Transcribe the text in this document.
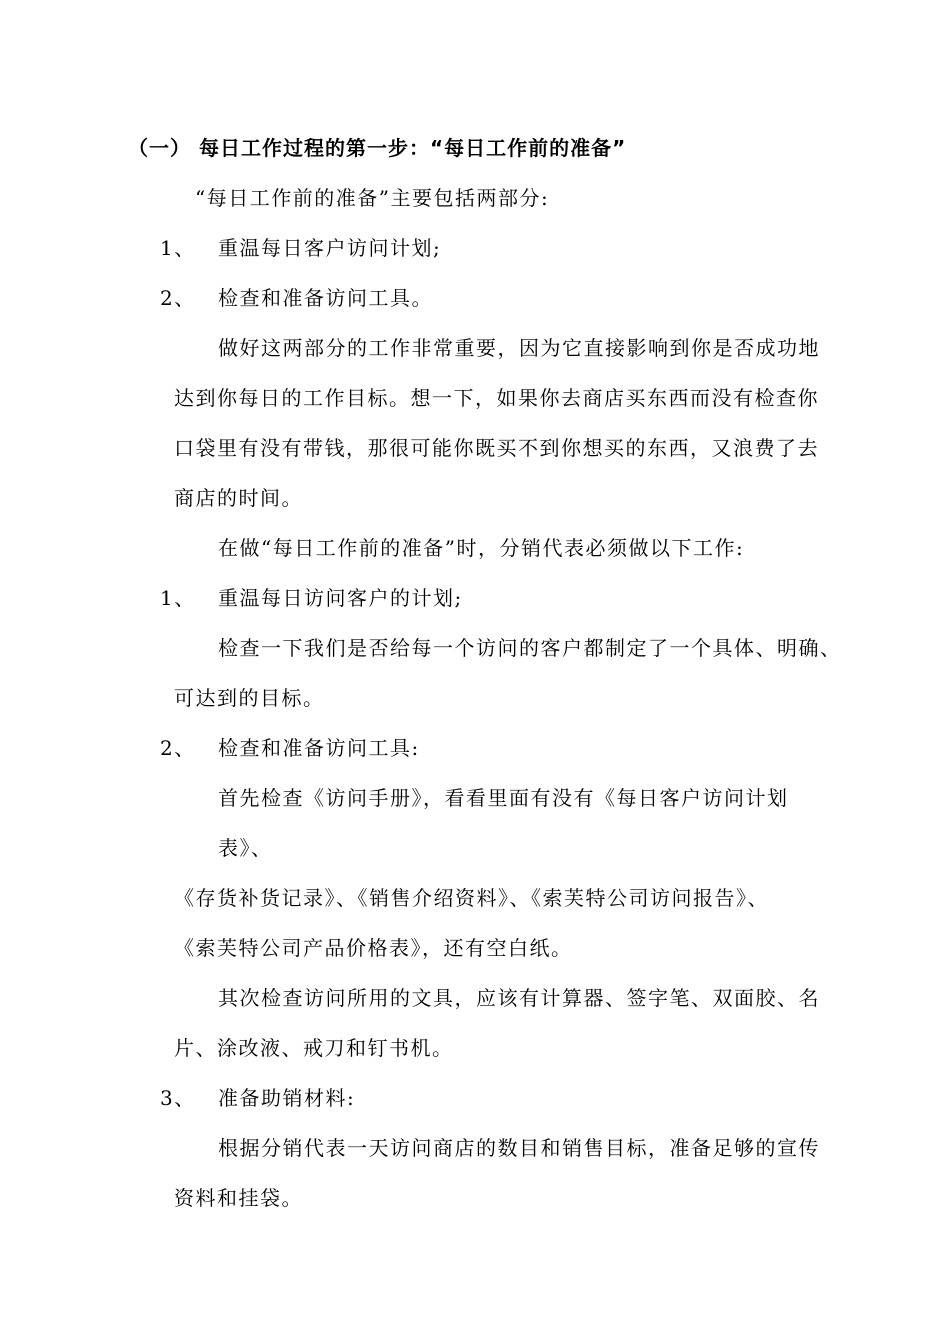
（一） 每日工作过程的第一步：“每日工作前的准备”
“每日工作前的准备”主要包括两部分:
1、 重温每日客户访问计划;
2、 检查和准备访问工具。
做好这两部分的工作非常重要，因为它直接影响到你是否成功地
达到你每日的工作目标。想一下，如果你去商店买东西而没有检查你
口袋里有没有带钱，那很可能你既买不到你想买的东西，又浪费了去
商店的时间。
在做“每日工作前的准备”时，分销代表必须做以下工作:
1、 重温每日访问客户的计划;
检查一下我们是否给每一个访问的客户都制定了一个具体、明确、
可达到的目标。
2、 检查和准备访问工具:
首先检查《访问手册》，看看里面有没有《每日客户访问计划
表》、
《存货补货记录》、《销售介绍资料》、《索芙特公司访问报告》、
《索芙特公司产品价格表》，还有空白纸。
其次检查访问所用的文具，应该有计算器、签字笔、双面胶、名
片、涂改液、戒刀和钉书机。
3、 准备助销材料:
根据分销代表一天访问商店的数目和销售目标，准备足够的宣传
资料和挂袋。
